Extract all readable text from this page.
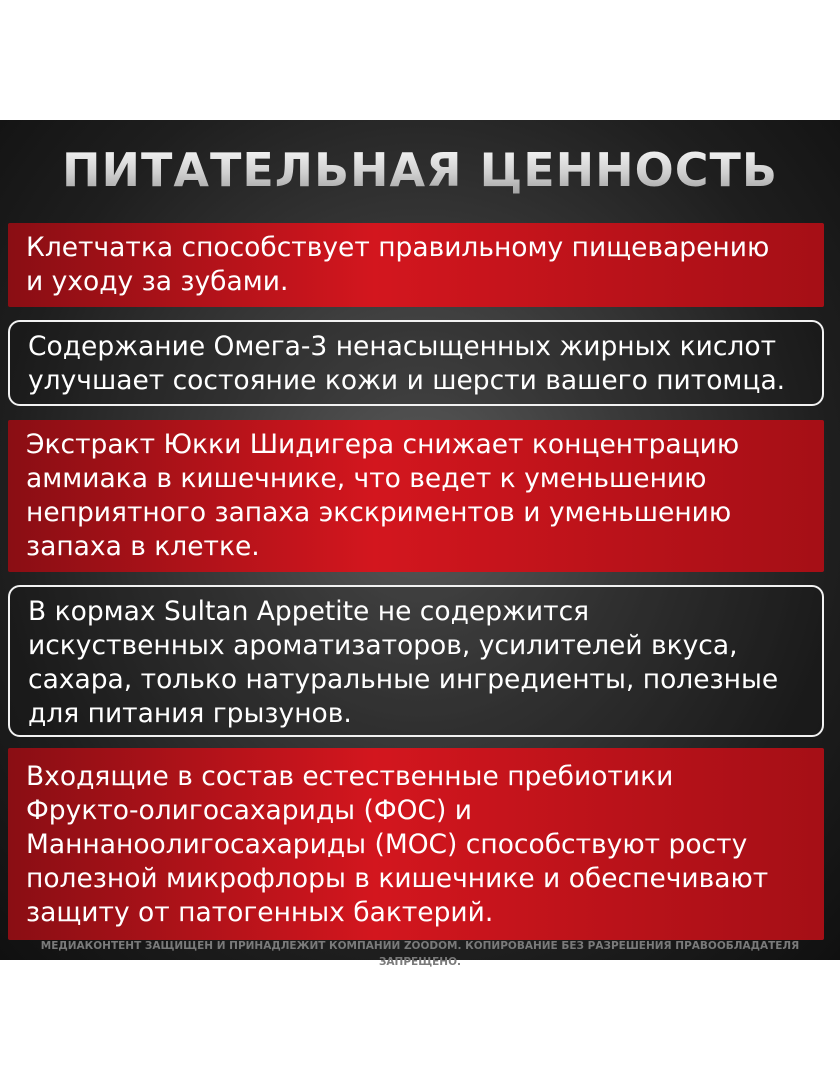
ПИТАТЕЛЬНАЯ ЦЕННОСТЬ
Клетчатка способствует правильному пищеварению
и уходу за зубами.
Содержание Омега-3 ненасыщенных жирных кислот
улучшает состояние кожи и шерсти вашего питомца.
Экстракт Юкки Шидигера снижает концентрацию
аммиака в кишечнике, что ведет к уменьшению
неприятного запаха экскриментов и уменьшению
запаха в клетке.
В кормах Sultan Appetite не содержится
искуственных ароматизаторов, усилителей вкуса,
сахара, только натуральные ингредиенты, полезные
для питания грызунов.
Входящие в состав естественные пребиотики
Фрукто-олигосахариды (ФОС) и
Маннаноолигосахариды (МОС) способствуют росту
полезной микрофлоры в кишечнике и обеспечивают
защиту от патогенных бактерий.
МЕДИАКОНТЕНТ ЗАЩИЩЕН И ПРИНАДЛЕЖИТ КОМПАНИИ ZOODOM. КОПИРОВАНИЕ БЕЗ РАЗРЕШЕНИЯ ПРАВООБЛАДАТЕЛЯ ЗАПРЕЩЕНО.
